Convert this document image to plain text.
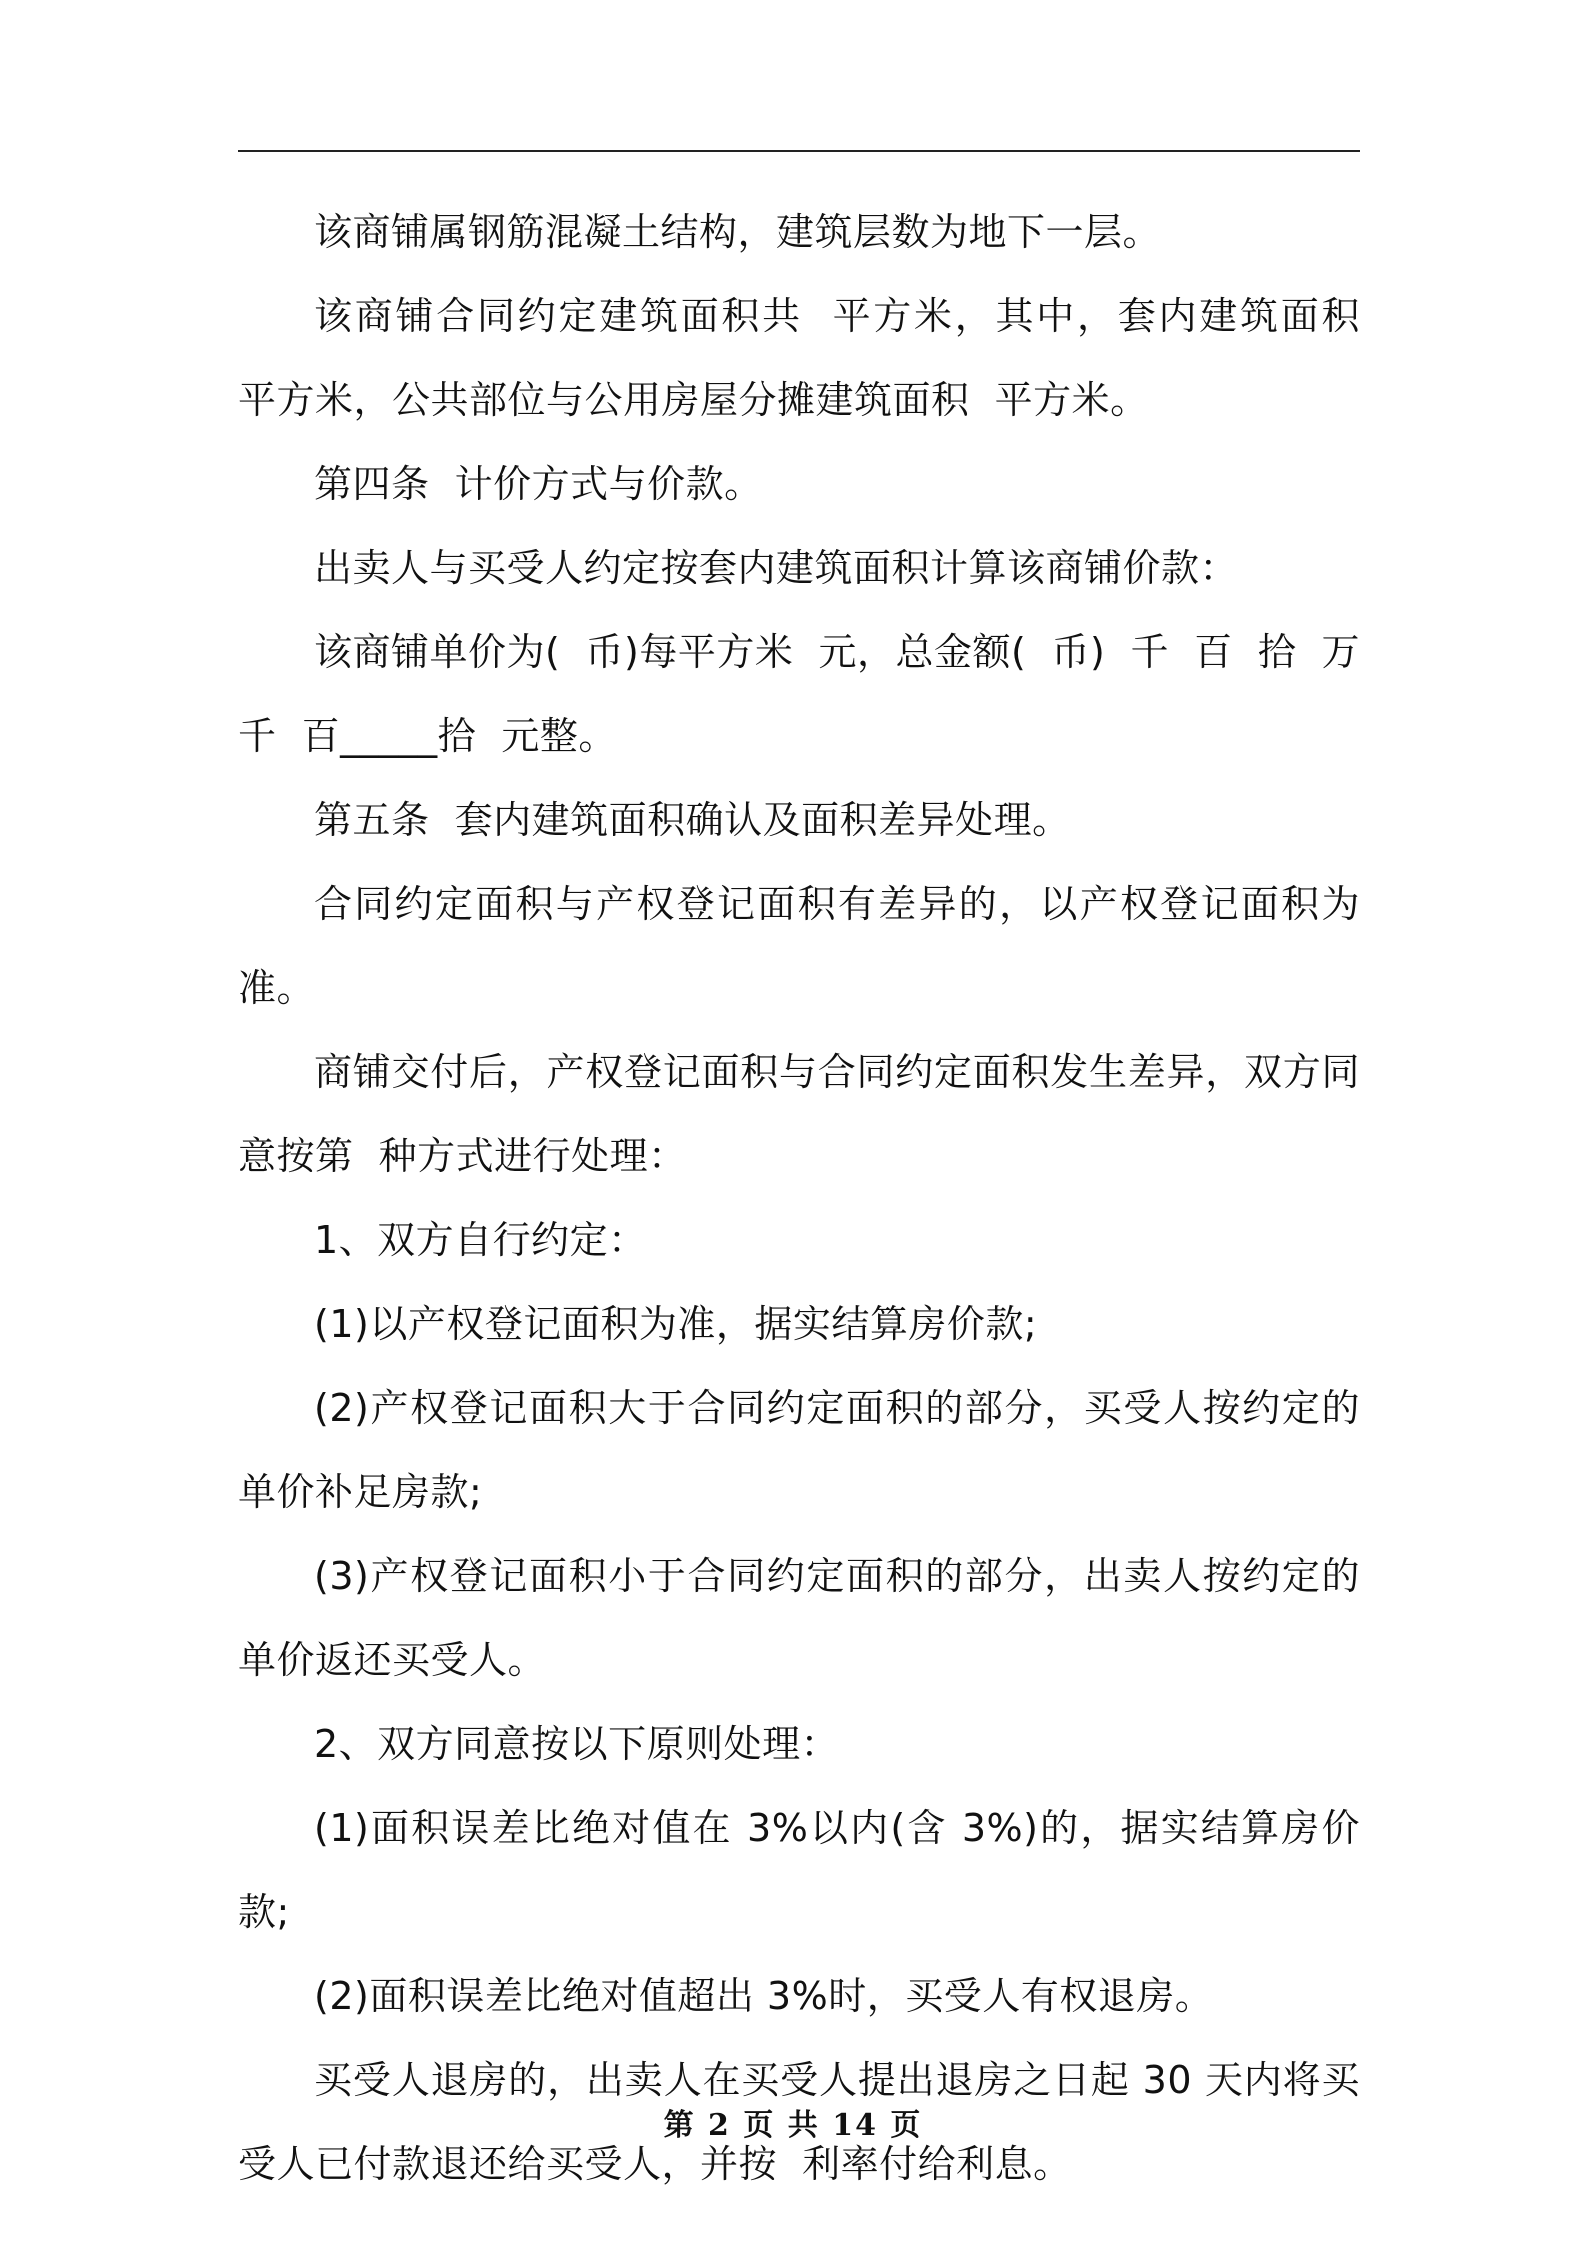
该商铺属钢筋混凝土结构，建筑层数为地下一层。

该商铺合同约定建筑面积共  平方米，其中，套内建筑面积  平方米，公共部位与公用房屋分摊建筑面积  平方米。

第四条  计价方式与价款。

出卖人与买受人约定按套内建筑面积计算该商铺价款：

该商铺单价为(  币)每平方米  元，总金额(  币)  千  百  拾  万  千  百_____拾  元整。

第五条  套内建筑面积确认及面积差异处理。

合同约定面积与产权登记面积有差异的，以产权登记面积为准。

商铺交付后，产权登记面积与合同约定面积发生差异，双方同意按第  种方式进行处理：

1、双方自行约定：

(1)以产权登记面积为准，据实结算房价款;

(2)产权登记面积大于合同约定面积的部分，买受人按约定的单价补足房款;

(3)产权登记面积小于合同约定面积的部分，出卖人按约定的单价返还买受人。

2、双方同意按以下原则处理：

(1)面积误差比绝对值在 3%以内(含 3%)的，据实结算房价款;

(2)面积误差比绝对值超出 3%时，买受人有权退房。

买受人退房的，出卖人在买受人提出退房之日起 30 天内将买受人已付款退还给买受人，并按  利率付给利息。

第 2 页 共 14 页
